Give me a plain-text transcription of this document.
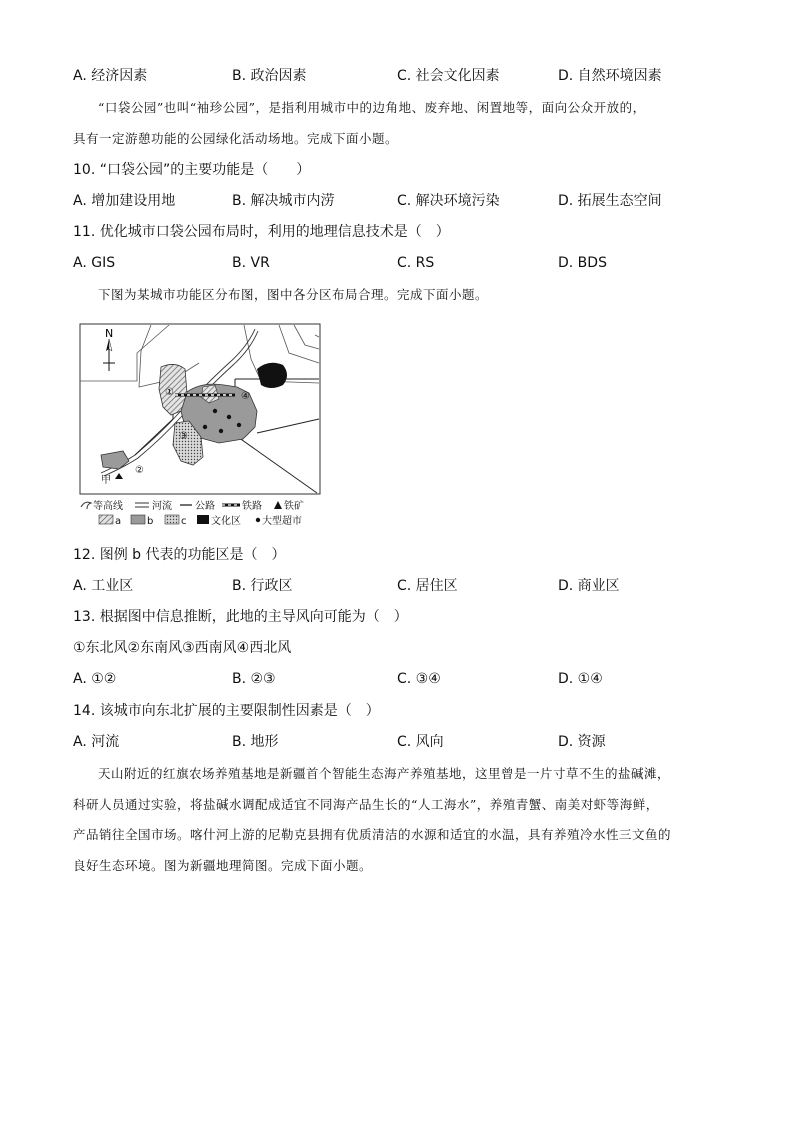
A. 经济因素	B. 政治因素	C. 社会文化因素	D. 自然环境因素

“口袋公园”也叫“袖珍公园”，是指利用城市中的边角地、废弃地、闲置地等，面向公众开放的，

具有一定游憩功能的公园绿化活动场地。完成下面小题。

10. “口袋公园”的主要功能是（　　）
A. 增加建设用地	B. 解决城市内涝	C. 解决环境污染	D. 拓展生态空间
11. 优化城市口袋公园布局时，利用的地理信息技术是（　）
A. GIS	B. VR	C. RS	D. BDS

下图为某城市功能区分布图，图中各分区布局合理。完成下面小题。

N
①	④
③
②
甲
等高线	河流 公路	铁路 铁矿
a	b	c 文化区 大型超市
12. 图例 b 代表的功能区是（　）
A. 工业区	B. 行政区	C. 居住区	D. 商业区
13. 根据图中信息推断，此地的主导风向可能为（　）
①东北风②东南风③西南风④西北风
A. ①②	B. ②③	C. ③④	D. ①④
14. 该城市向东北扩展的主要限制性因素是（　）
A. 河流	B. 地形	C. 风向	D. 资源

天山附近的红旗农场养殖基地是新疆首个智能生态海产养殖基地，这里曾是一片寸草不生的盐碱滩，

科研人员通过实验，将盐碱水调配成适宜不同海产品生长的“人工海水”，养殖青蟹、南美对虾等海鲜，

产品销往全国市场。喀什河上游的尼勒克县拥有优质清洁的水源和适宜的水温，具有养殖冷水性三文鱼的

良好生态环境。图为新疆地理简图。完成下面小题。
